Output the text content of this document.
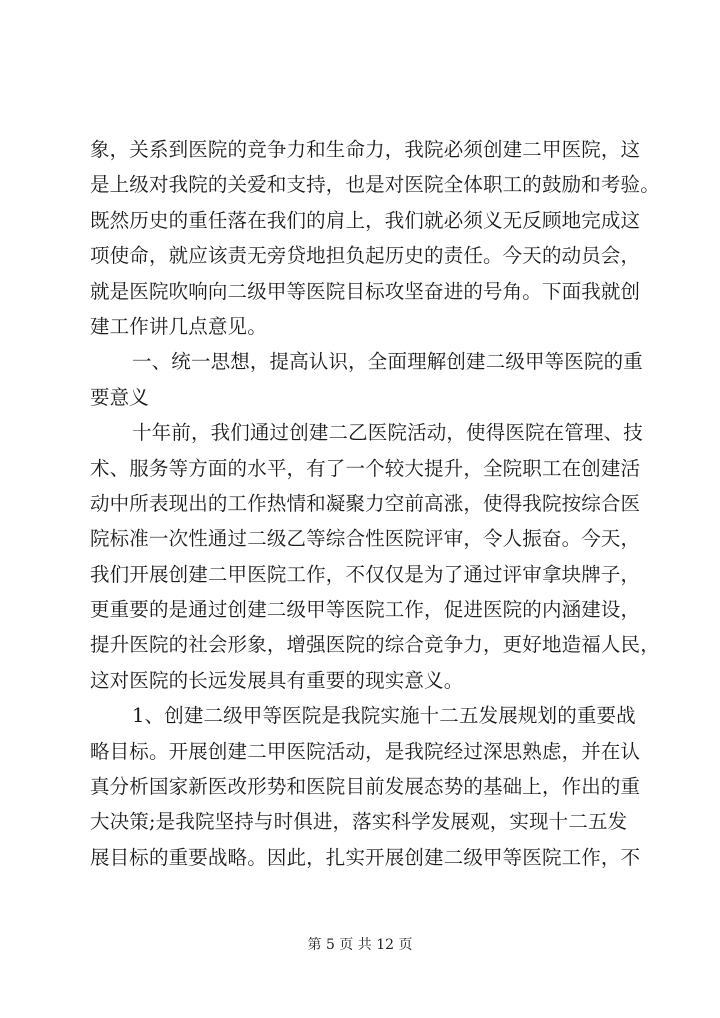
象，关系到医院的竞争力和生命力，我院必须创建二甲医院，这
是上级对我院的关爱和支持，也是对医院全体职工的鼓励和考验。
既然历史的重任落在我们的肩上，我们就必须义无反顾地完成这
项使命，就应该责无旁贷地担负起历史的责任。今天的动员会，
就是医院吹响向二级甲等医院目标攻坚奋进的号角。下面我就创
建工作讲几点意见。
一、统一思想，提高认识，全面理解创建二级甲等医院的重
要意义
十年前，我们通过创建二乙医院活动，使得医院在管理、技
术、服务等方面的水平，有了一个较大提升，全院职工在创建活
动中所表现出的工作热情和凝聚力空前高涨，使得我院按综合医
院标准一次性通过二级乙等综合性医院评审，令人振奋。今天，
我们开展创建二甲医院工作，不仅仅是为了通过评审拿块牌子，
更重要的是通过创建二级甲等医院工作，促进医院的内涵建设，
提升医院的社会形象，增强医院的综合竞争力，更好地造福人民，
这对医院的长远发展具有重要的现实意义。
1、创建二级甲等医院是我院实施十二五发展规划的重要战
略目标。开展创建二甲医院活动，是我院经过深思熟虑，并在认
真分析国家新医改形势和医院目前发展态势的基础上，作出的重
大决策;是我院坚持与时俱进，落实科学发展观，实现十二五发
展目标的重要战略。因此，扎实开展创建二级甲等医院工作，不
第 5 页 共 12 页
